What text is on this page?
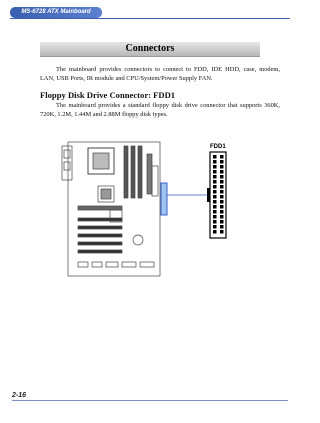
MS-6728 ATX Mainboard
Connectors

The mainboard provides connectors to connect to FDD, IDE HDD, case, modem, LAN, USB Ports, IR module and CPU/System/Power Supply FAN.

Floppy Disk Drive Connector: FDD1

The mainboard provides a standard floppy disk drive connector that supports 360K, 720K, 1.2M, 1.44M and 2.88M floppy disk types.

FDD1
2-16
